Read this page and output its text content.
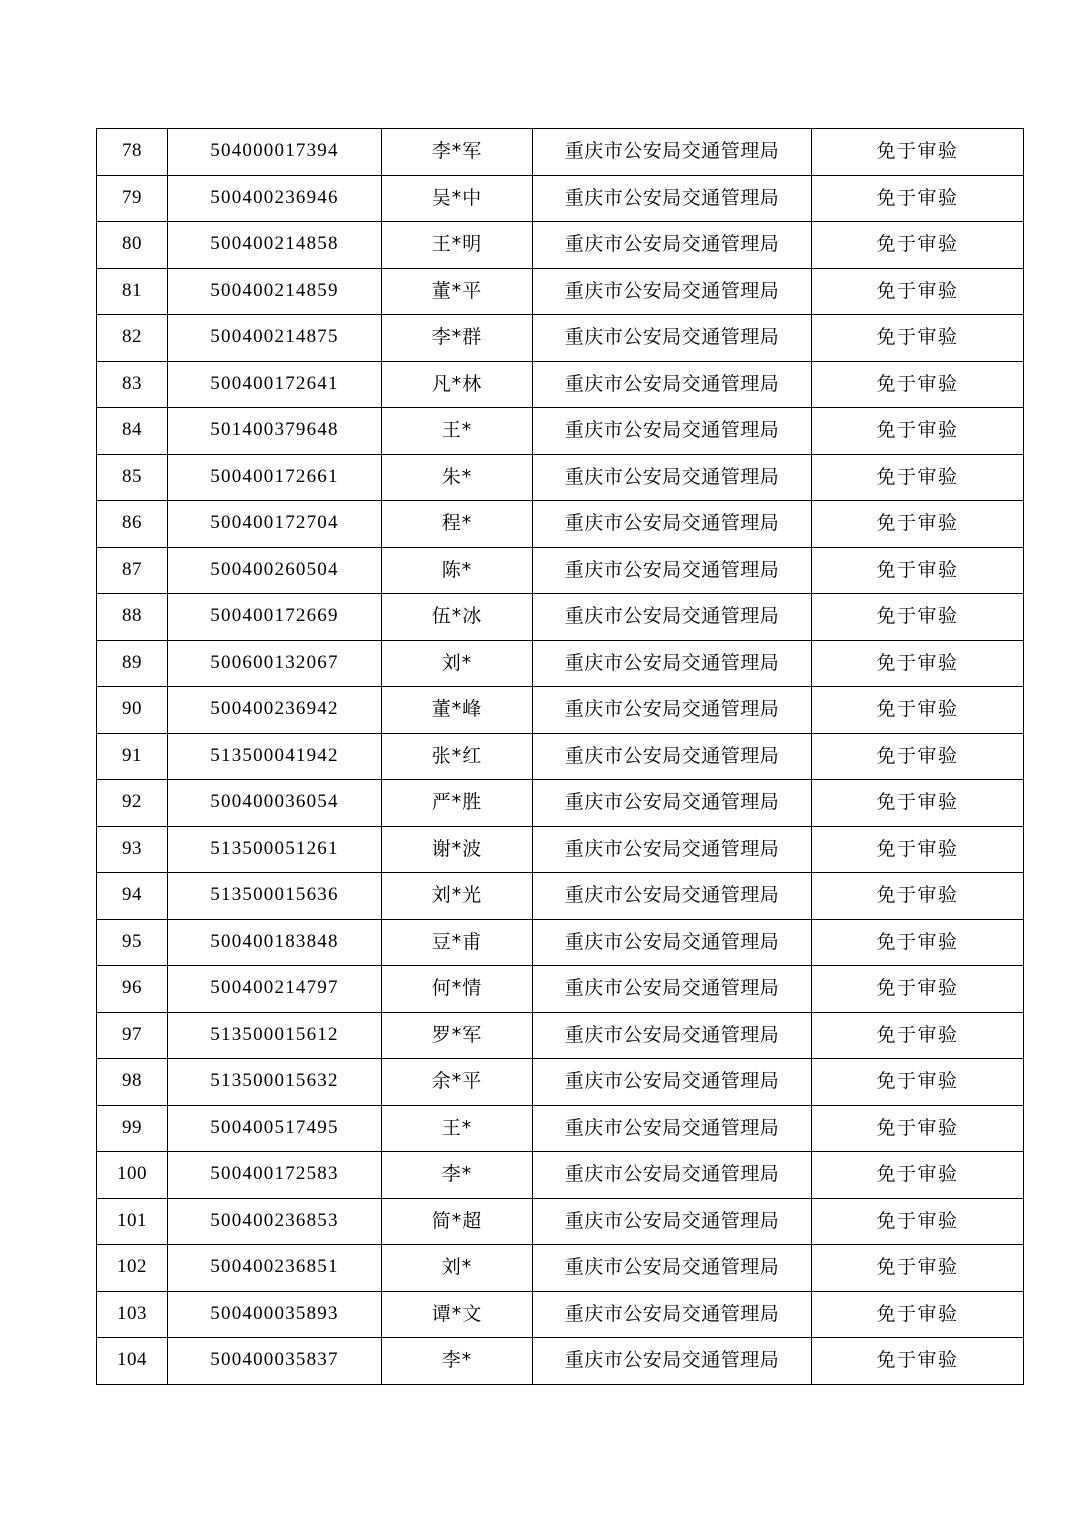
78	504000017394	李*军	重庆市公安局交通管理局	免于审验
79	500400236946	吴*中	重庆市公安局交通管理局	免于审验
80	500400214858	王*明	重庆市公安局交通管理局	免于审验
81	500400214859	董*平	重庆市公安局交通管理局	免于审验
82	500400214875	李*群	重庆市公安局交通管理局	免于审验
83	500400172641	凡*林	重庆市公安局交通管理局	免于审验
84	501400379648	王*	重庆市公安局交通管理局	免于审验
85	500400172661	朱*	重庆市公安局交通管理局	免于审验
86	500400172704	程*	重庆市公安局交通管理局	免于审验
87	500400260504	陈*	重庆市公安局交通管理局	免于审验
88	500400172669	伍*冰	重庆市公安局交通管理局	免于审验
89	500600132067	刘*	重庆市公安局交通管理局	免于审验
90	500400236942	董*峰	重庆市公安局交通管理局	免于审验
91	513500041942	张*红	重庆市公安局交通管理局	免于审验
92	500400036054	严*胜	重庆市公安局交通管理局	免于审验
93	513500051261	谢*波	重庆市公安局交通管理局	免于审验
94	513500015636	刘*光	重庆市公安局交通管理局	免于审验
95	500400183848	豆*甫	重庆市公安局交通管理局	免于审验
96	500400214797	何*情	重庆市公安局交通管理局	免于审验
97	513500015612	罗*军	重庆市公安局交通管理局	免于审验
98	513500015632	余*平	重庆市公安局交通管理局	免于审验
99	500400517495	王*	重庆市公安局交通管理局	免于审验
100	500400172583	李*	重庆市公安局交通管理局	免于审验
101	500400236853	简*超	重庆市公安局交通管理局	免于审验
102	500400236851	刘*	重庆市公安局交通管理局	免于审验
103	500400035893	谭*文	重庆市公安局交通管理局	免于审验
104	500400035837	李*	重庆市公安局交通管理局	免于审验
